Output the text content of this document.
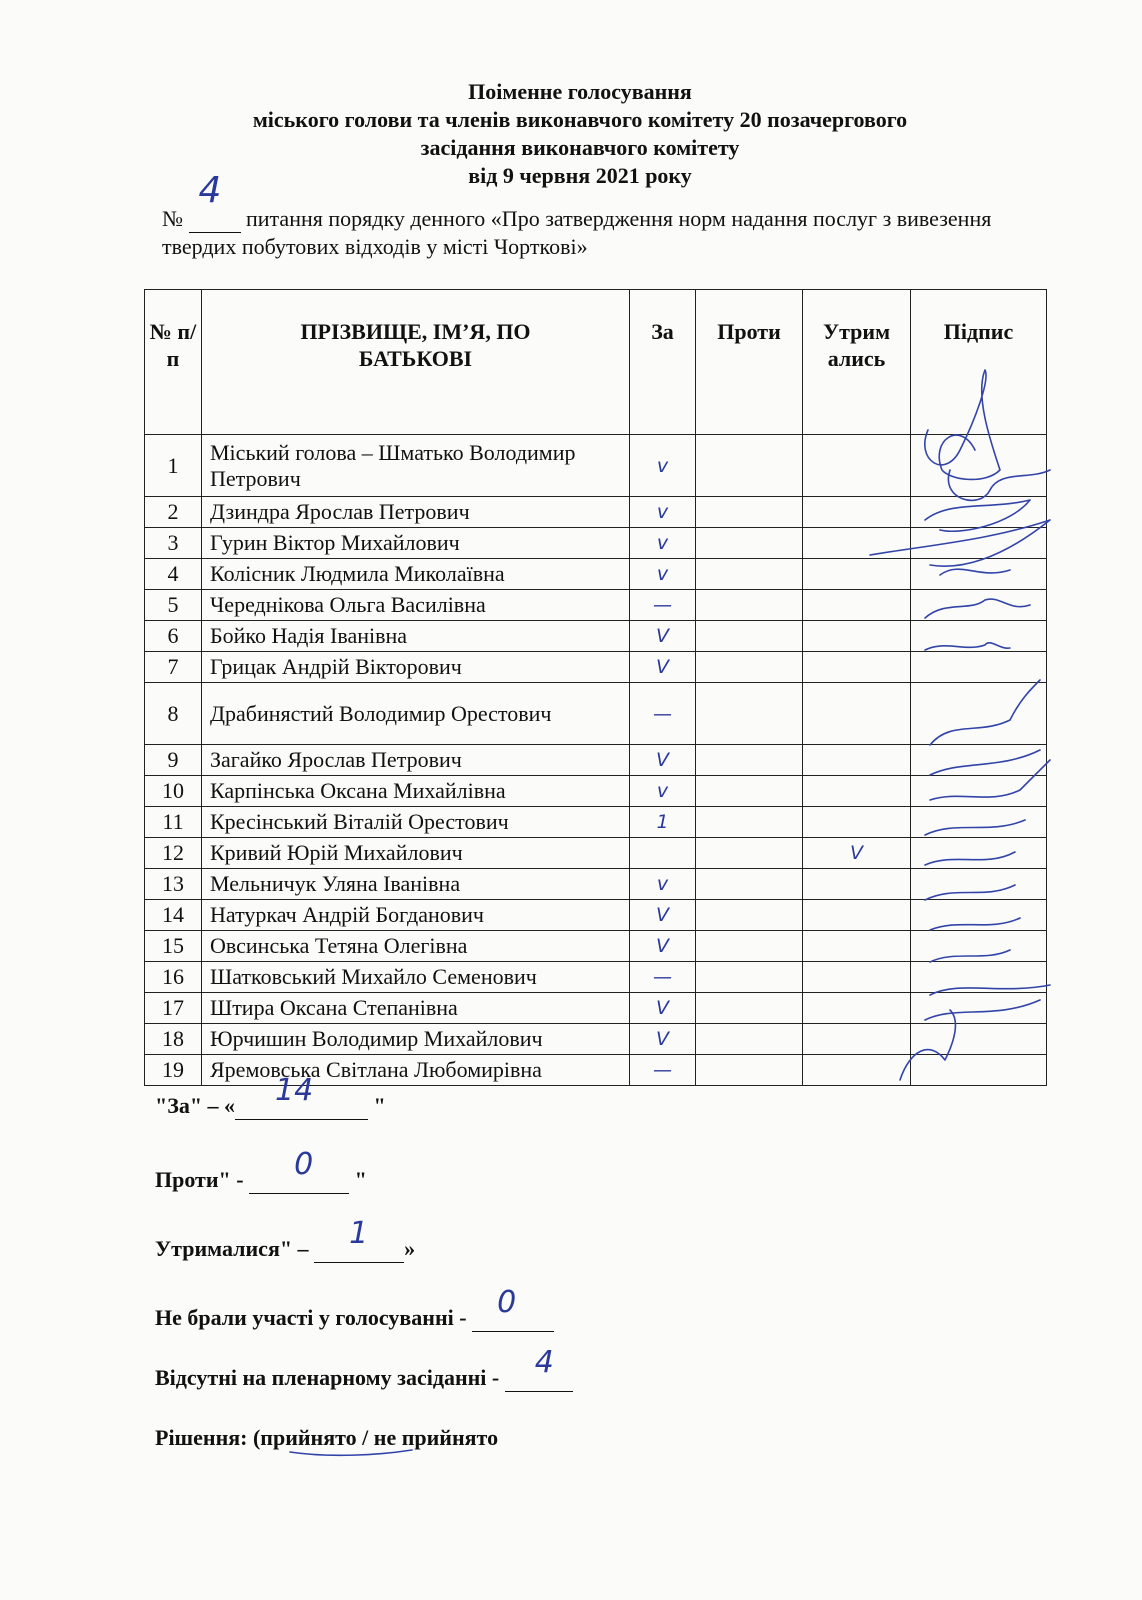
Поіменне голосування
міського голови та членів виконавчого комітету 20 позачергового
засідання виконавчого комітету
від 9 червня 2021 року
№
4
питання порядку денного «Про затвердження норм надання послуг з вивезення твердих побутових відходів у місті Чорткові»
№ п/п	ПРІЗВИЩЕ, ІМ’Я, ПО БАТЬКОВІ	За	Проти	Утрим ались	Підпис
1	Міський голова – Шматько Володимир Петрович	v			
2	Дзиндра Ярослав Петрович	v			
3	Гурин Віктор Михайлович	v			
4	Колісник Людмила Миколаївна	v			
5	Череднікова Ольга Василівна	—			
6	Бойко Надія Іванівна	V			
7	Грицак Андрій Вікторович	V			
8	Драбинястий Володимир Орестович	—			
9	Загайко Ярослав Петрович	V			
10	Карпінська Оксана Михайлівна	v			
11	Кресінський Віталій Орестович	1			
12	Кривий Юрій Михайлович			V	
13	Мельничук Уляна Іванівна	v			
14	Натуркач Андрій Богданович	V			
15	Овсинська Тетяна Олегівна	V			
16	Шатковський Михайло Семенович	—			
17	Штира Оксана Степанівна	V			
18	Юрчишин Володимир Михайлович	V			
19	Яремовська Світлана Любомирівна	—			
"За" – « 14 "
Проти" - 0 "
Утрималися" – 1 »
Не брали участі у голосуванні - 0
Відсутні на пленарному засіданні - 4
Рішення: (прийнято / не прийнято
